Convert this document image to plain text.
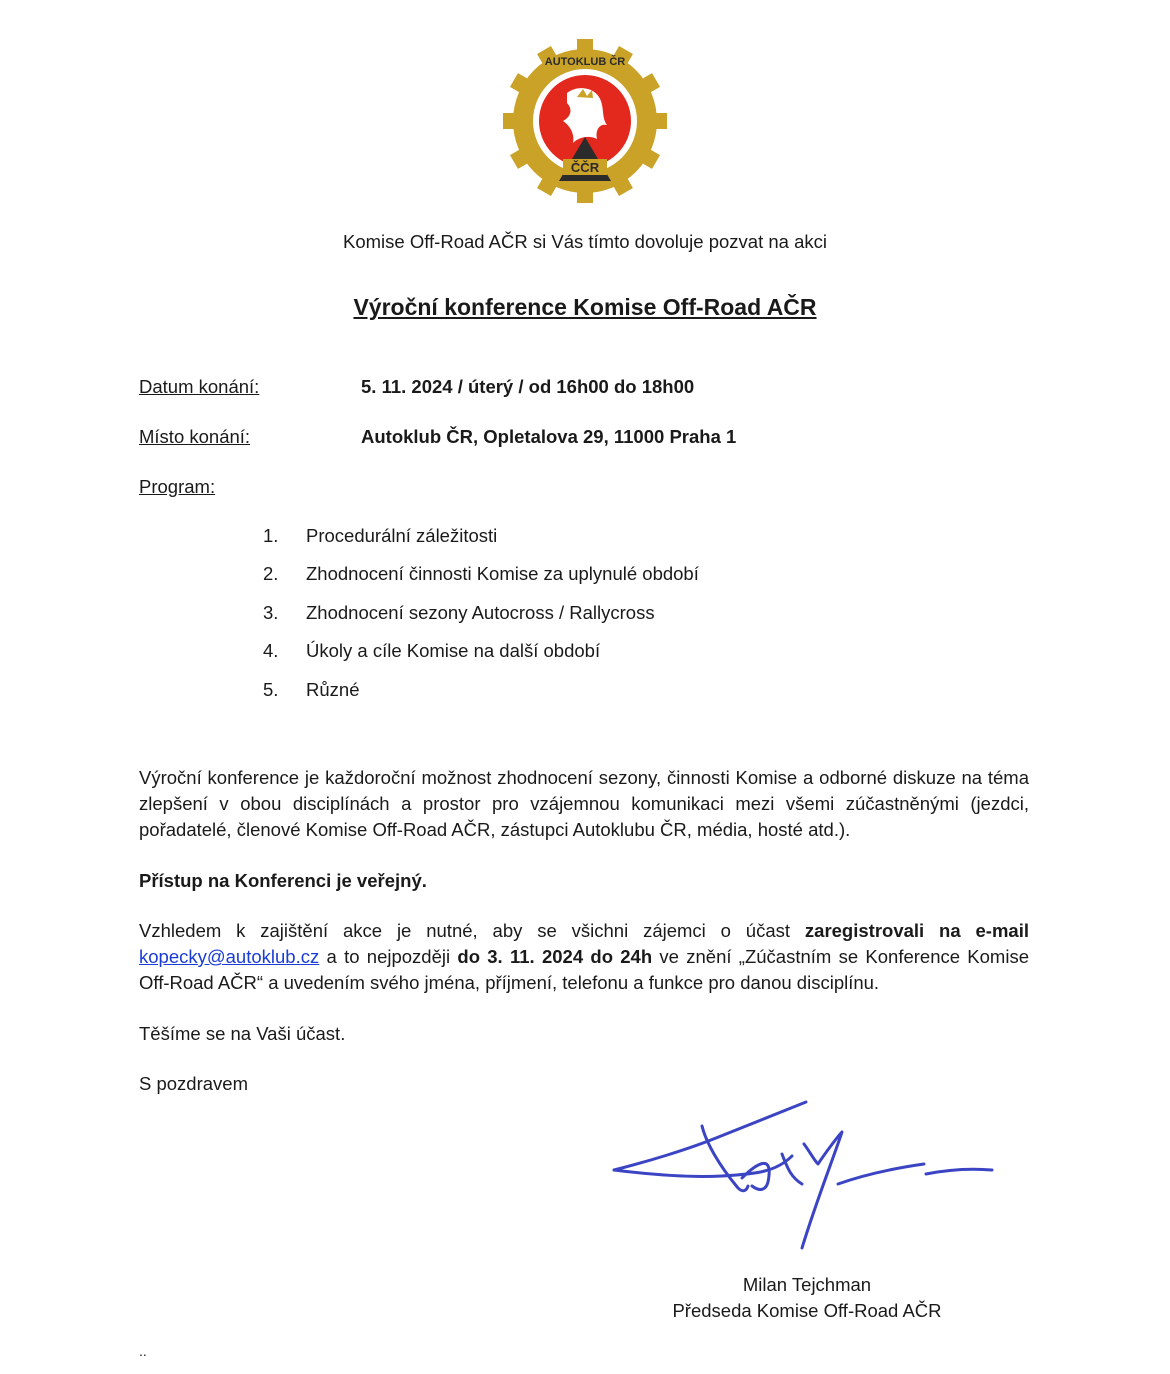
AUTOKLUB ČR
ČČR
Komise Off-Road AČR si Vás tímto dovoluje pozvat na akci
Výroční konference Komise Off-Road AČR
Datum konání:	5. 11. 2024 / úterý / od 16h00 do 18h00
Místo konání:	Autoklub ČR, Opletalova 29, 11000 Praha 1
Program:
1.	Procedurální záležitosti
2.	Zhodnocení činnosti Komise za uplynulé období
3.	Zhodnocení sezony Autocross / Rallycross
4.	Úkoly a cíle Komise na další období
5.	Různé
Výroční konference je každoroční možnost zhodnocení sezony, činnosti Komise a odborné diskuze na téma zlepšení v obou disciplínách a prostor pro vzájemnou komunikaci mezi všemi zúčastněnými (jezdci, pořadatelé, členové Komise Off-Road AČR, zástupci Autoklubu ČR, média, hosté atd.).
Přístup na Konferenci je veřejný.
Vzhledem k zajištění akce je nutné, aby se všichni zájemci o účast zaregistrovali na e-mail kopecky@autoklub.cz a to nejpozději do 3. 11. 2024 do 24h ve znění „Zúčastním se Konference Komise Off-Road AČR“ a uvedením svého jména, příjmení, telefonu a funkce pro danou disciplínu.
Těšíme se na Vaši účast.
S pozdravem
Milan Tejchman
Předseda Komise Off-Road AČR
..
